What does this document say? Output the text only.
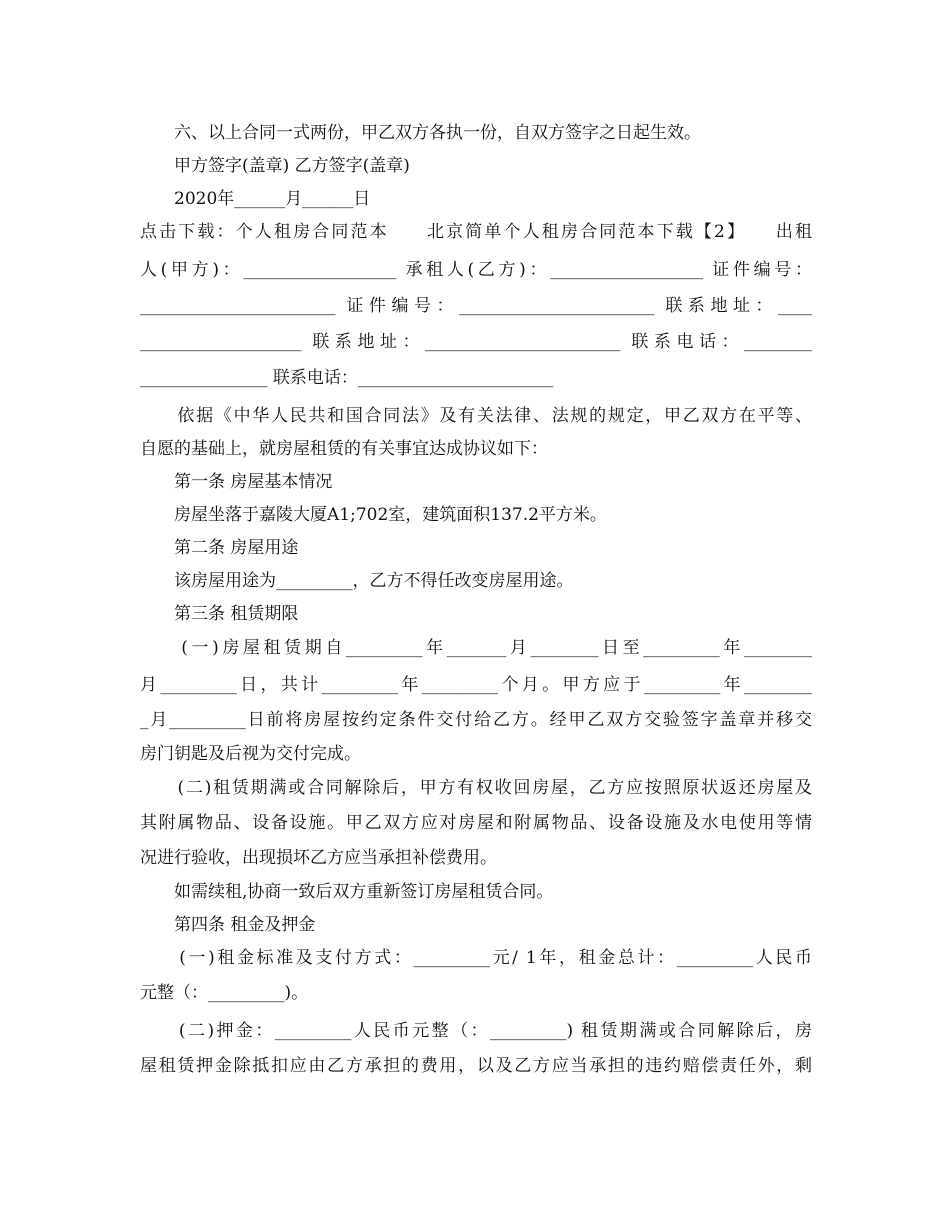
　　六、以上合同一式两份，甲乙双方各执一份，自双方签字之日起生效。
　　甲方签字(盖章) 乙方签字(盖章)
　　2020年______月______日
点击下载：个人租房合同范本　　北京简单个人租房合同范本下载【2】　　出租
人(甲方)：__________________ 承租人(乙方)：__________________ 证件编号：
_______________________ 证件编号：_______________________ 联系地址：____
___________________ 联系地址：_______________________ 联系电话：________
_______________ 联系电话：_______________________
　　依据《中华人民共和国合同法》及有关法律、法规的规定，甲乙双方在平等、
自愿的基础上，就房屋租赁的有关事宜达成协议如下：
　　第一条 房屋基本情况
　　房屋坐落于嘉陵大厦A1;702室，建筑面积137.2平方米。
　　第二条 房屋用途
　　该房屋用途为_________，乙方不得任改变房屋用途。
　　第三条 租赁期限
　　(一)房屋租赁期自_________年_______月________日至_________年________
月_________日，共计_________年_________个月。甲方应于_________年________
_月_________日前将房屋按约定条件交付给乙方。经甲乙双方交验签字盖章并移交
房门钥匙及后视为交付完成。
　　(二)租赁期满或合同解除后，甲方有权收回房屋，乙方应按照原状返还房屋及
其附属物品、设备设施。甲乙双方应对房屋和附属物品、设备设施及水电使用等情
况进行验收，出现损坏乙方应当承担补偿费用。
　　如需续租,协商一致后双方重新签订房屋租赁合同。
　　第四条 租金及押金
　　(一)租金标准及支付方式：_________元/ 1年，租金总计：_________人民币
元整（：_________)。
　　(二)押金：_________人民币元整（：_________) 租赁期满或合同解除后，房
屋租赁押金除抵扣应由乙方承担的费用，以及乙方应当承担的违约赔偿责任外，剩
